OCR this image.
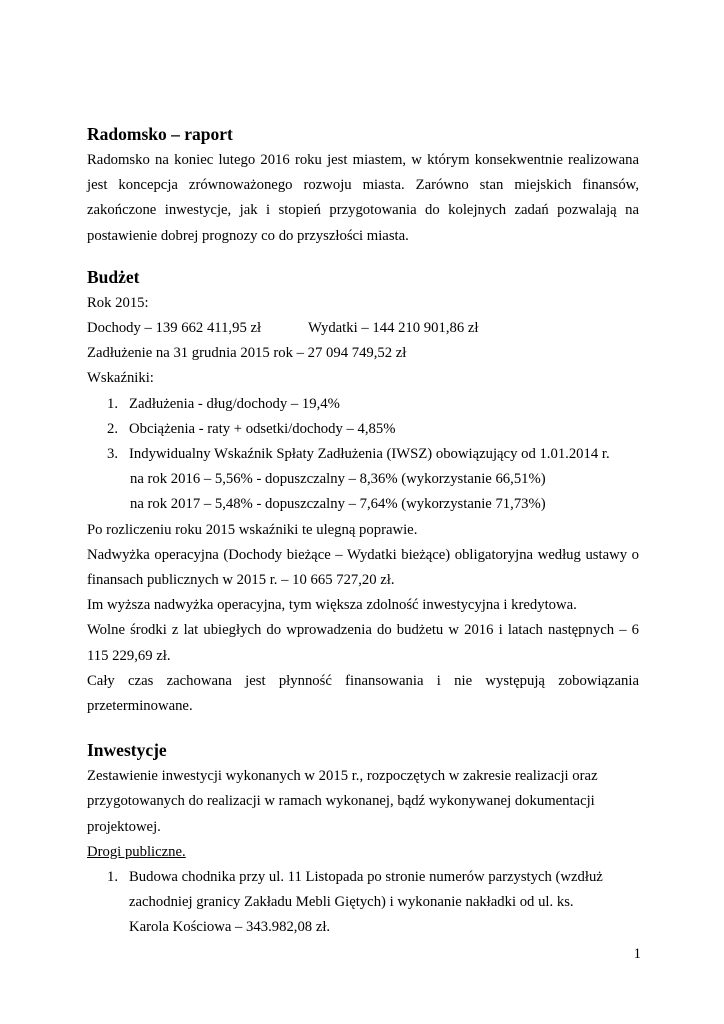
Radomsko – raport

Radomsko na koniec lutego 2016 roku jest miastem, w którym konsekwentnie realizowana jest koncepcja zrównoważonego rozwoju miasta. Zarówno stan miejskich finansów, zakończone inwestycje, jak i stopień przygotowania do kolejnych zadań pozwalają na postawienie dobrej prognozy co do przyszłości miasta.

Budżet

Rok 2015:

Dochody – 139 662 411,95 zł	Wydatki – 144 210 901,86 zł

Zadłużenie na 31 grudnia 2015 rok – 27 094 749,52 zł

Wskaźniki:

1. Zadłużenia - dług/dochody – 19,4%
2. Obciążenia - raty + odsetki/dochody – 4,85%
3. Indywidualny Wskaźnik Spłaty Zadłużenia (IWSZ) obowiązujący od 1.01.2014 r.
na rok 2016 – 5,56% - dopuszczalny – 8,36% (wykorzystanie 66,51%)
na rok 2017 – 5,48% - dopuszczalny – 7,64% (wykorzystanie 71,73%)

Po rozliczeniu roku 2015 wskaźniki te ulegną poprawie.

Nadwyżka operacyjna (Dochody bieżące – Wydatki bieżące) obligatoryjna według ustawy o finansach publicznych w 2015 r. – 10 665 727,20 zł.

Im wyższa nadwyżka operacyjna, tym większa zdolność inwestycyjna i kredytowa.

Wolne środki z lat ubiegłych do wprowadzenia do budżetu w 2016 i latach następnych – 6 115 229,69 zł.

Cały czas zachowana jest płynność finansowania i nie występują zobowiązania przeterminowane.

Inwestycje

Zestawienie inwestycji wykonanych w 2015 r., rozpoczętych w zakresie realizacji oraz przygotowanych do realizacji w ramach wykonanej, bądź wykonywanej dokumentacji projektowej.

Drogi publiczne.

1. Budowa chodnika przy ul. 11 Listopada po stronie numerów parzystych (wzdłuż zachodniej granicy Zakładu Mebli Giętych) i wykonanie nakładki od ul. ks. Karola Kościowa – 343.982,08 zł.
1
